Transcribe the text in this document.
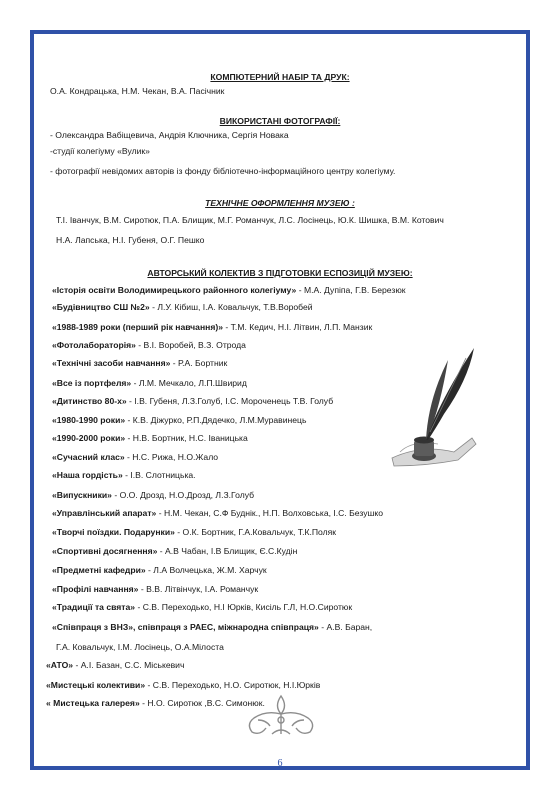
КОМПЮТЕРНИЙ НАБІР ТА ДРУК:
О.А. Кондрацька, Н.М. Чекан, В.А. Пасічник
ВИКОРИСТАНІ ФОТОГРАФІЇ:
- Олександра Вабіщевича, Андрія Ключника, Сергія Новака
-студії колегіуму «Вулик»
- фотографії невідомих авторів із фонду бібліотечно-інформаційного центру колегіуму.
ТЕХНІЧНЕ ОФОРМЛЕННЯ МУЗЕЮ :
Т.І. Іванчук, В.М. Сиротюк, П.А. Блищик, М.Г. Романчук, Л.С. Лосінець, Ю.К. Шишка, В.М. Котович
Н.А. Лапська, Н.І. Губеня, О.Г. Пешко
АВТОРСЬКИЙ КОЛЕКТИВ З ПІДГОТОВКИ ЕСПОЗИЦІЙ МУЗЕЮ:
«Історія освіти Володимирецького районного колегіуму» - М.А. Дупіпа, Г.В. Березюк
«Будівництво СШ №2» - Л.У. Кібиш, І.А. Ковальчук, Т.В.Воробей
«1988-1989 роки (перший рік навчання)» - Т.М. Кедич, Н.І. Літвин, Л.П. Манзик
«Фотолабораторія» - В.І. Воробей, В.З. Отрода
«Технічні засоби навчання» - Р.А. Бортник
«Все із портфеля» - Л.М. Мечкало, Л.П.Швирид
«Дитинство 80-х» - І.В. Губеня, Л.З.Голуб, І.С. Мороченець Т.В. Голуб
«1980-1990 роки» - К.В. Діжурко, Р.П.Дядечко, Л.М.Муравинець
«1990-2000 роки» - Н.В. Бортник, Н.С. Іваницька
«Сучасний клас» - Н.С. Рижа, Н.О.Жало
«Наша гордість» - І.В. Слотницька.
«Випускники» - О.О. Дрозд, Н.О.Дрозд, Л.З.Голуб
«Управлінський апарат» - Н.М. Чекан, С.Ф Буднік., Н.П. Волховська, І.С. Безушко
«Творчі поїздки. Подарунки» - О.К. Бортник, Г.А.Ковальчук, Т.К.Поляк
«Спортивні досягнення» - А.В Чабан, І.В Блищик, Є.С.Кудін
«Предметні кафедри» - Л.А Волчецька, Ж.М. Харчук
«Профілі навчання» - В.В. Літвінчук, І.А. Романчук
«Традиції та свята» - С.В. Переходько, Н.І Юрків, Кисіль Г.Л, Н.О.Сиротюк
«Співпраця з ВНЗ», співпраця з РАЕС, міжнародна співпраця» - А.В. Баран,
Г.А. Ковальчук, І.М. Лосінець, О.А.Мілоста
«АТО» - А.І. Базан, С.С. Міськевич
«Мистецькі колективи» - С.В. Переходько, Н.О. Сиротюк, Н.І.Юрків
« Мистецька галерея» - Н.О. Сиротюк ,В.С. Симонюк.
6
